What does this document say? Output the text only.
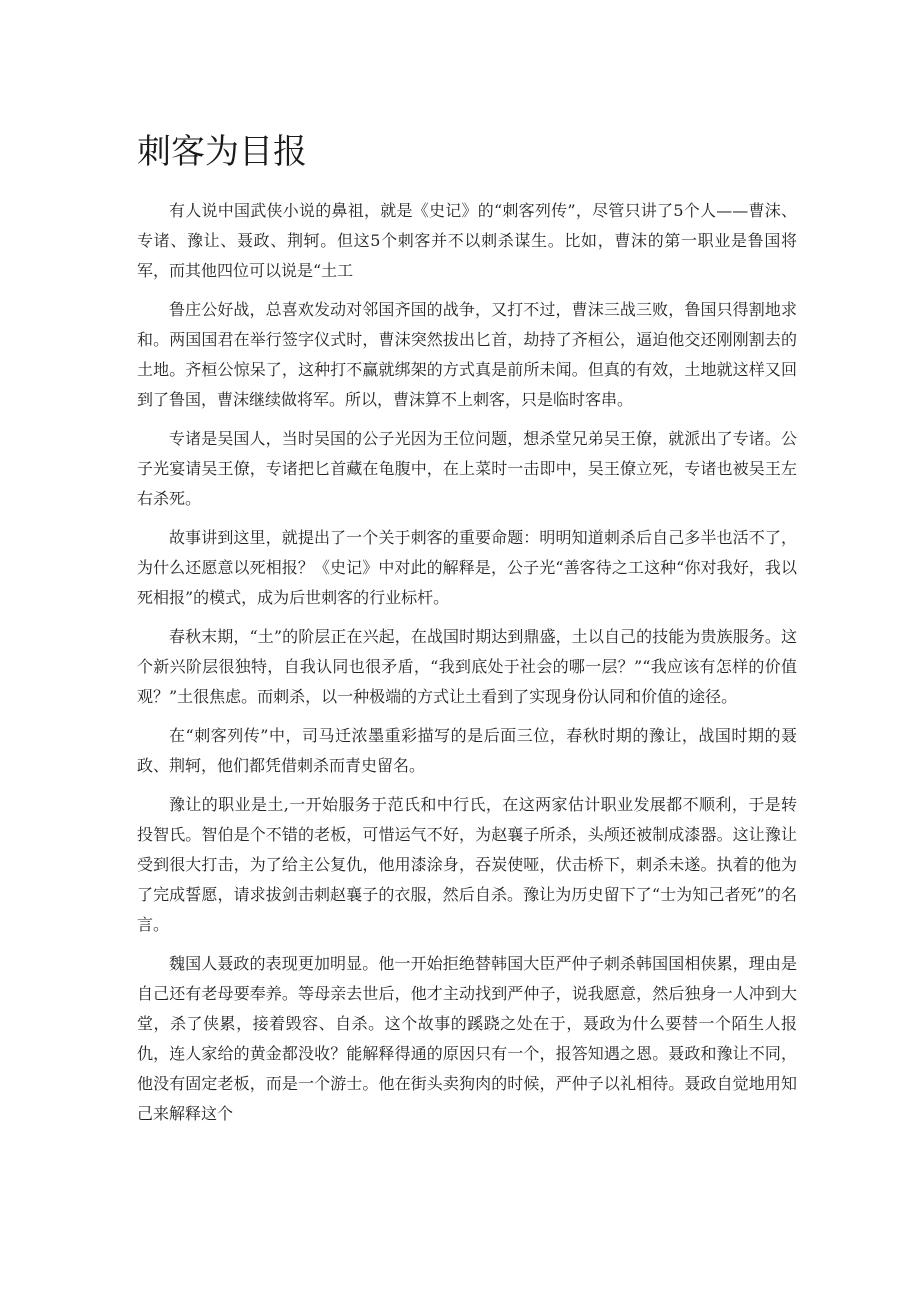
刺客为目报

有人说中国武侠小说的鼻祖，就是《史记》的“刺客列传”，尽管只讲了5个人——曹沫、专诸、豫让、聂政、荆轲。但这5个刺客并不以刺杀谋生。比如，曹沫的第一职业是鲁国将军，而其他四位可以说是“土工

鲁庄公好战，总喜欢发动对邻国齐国的战争，又打不过，曹沫三战三败，鲁国只得割地求和。两国国君在举行签字仪式时，曹沫突然拔出匕首，劫持了齐桓公，逼迫他交还刚刚割去的土地。齐桓公惊呆了，这种打不赢就绑架的方式真是前所未闻。但真的有效，土地就这样又回到了鲁国，曹沫继续做将军。所以，曹沫算不上刺客，只是临时客串。

专诸是吴国人，当时吴国的公子光因为王位问题，想杀堂兄弟吴王僚，就派出了专诸。公子光宴请吴王僚，专诸把匕首藏在龟腹中，在上菜时一击即中，吴王僚立死，专诸也被吴王左右杀死。

故事讲到这里，就提出了一个关于刺客的重要命题：明明知道刺杀后自己多半也活不了，为什么还愿意以死相报？《史记》中对此的解释是，公子光“善客待之工这种“你对我好，我以死相报”的模式，成为后世刺客的行业标杆。

春秋末期，“土”的阶层正在兴起，在战国时期达到鼎盛，土以自己的技能为贵族服务。这个新兴阶层很独特，自我认同也很矛盾，“我到底处于社会的哪一层？”“我应该有怎样的价值观？”土很焦虑。而刺杀，以一种极端的方式让土看到了实现身份认同和价值的途径。

在“刺客列传”中，司马迁浓墨重彩描写的是后面三位，春秋时期的豫让，战国时期的聂政、荆轲，他们都凭借刺杀而青史留名。

豫让的职业是土,一开始服务于范氏和中行氏，在这两家估计职业发展都不顺利，于是转投智氏。智伯是个不错的老板，可惜运气不好，为赵襄子所杀，头颅还被制成漆器。这让豫让受到很大打击，为了给主公复仇，他用漆涂身，吞炭使哑，伏击桥下，刺杀未遂。执着的他为了完成誓愿，请求拔剑击刺赵襄子的衣服，然后自杀。豫让为历史留下了“士为知己者死”的名言。

魏国人聂政的表现更加明显。他一开始拒绝替韩国大臣严仲子刺杀韩国国相侠累，理由是自己还有老母要奉养。等母亲去世后，他才主动找到严仲子，说我愿意，然后独身一人冲到大堂，杀了侠累，接着毁容、自杀。这个故事的蹊跷之处在于，聂政为什么要替一个陌生人报仇，连人家给的黄金都没收？能解释得通的原因只有一个，报答知遇之恩。聂政和豫让不同，他没有固定老板，而是一个游士。他在街头卖狗肉的时候，严仲子以礼相待。聂政自觉地用知己来解释这个
